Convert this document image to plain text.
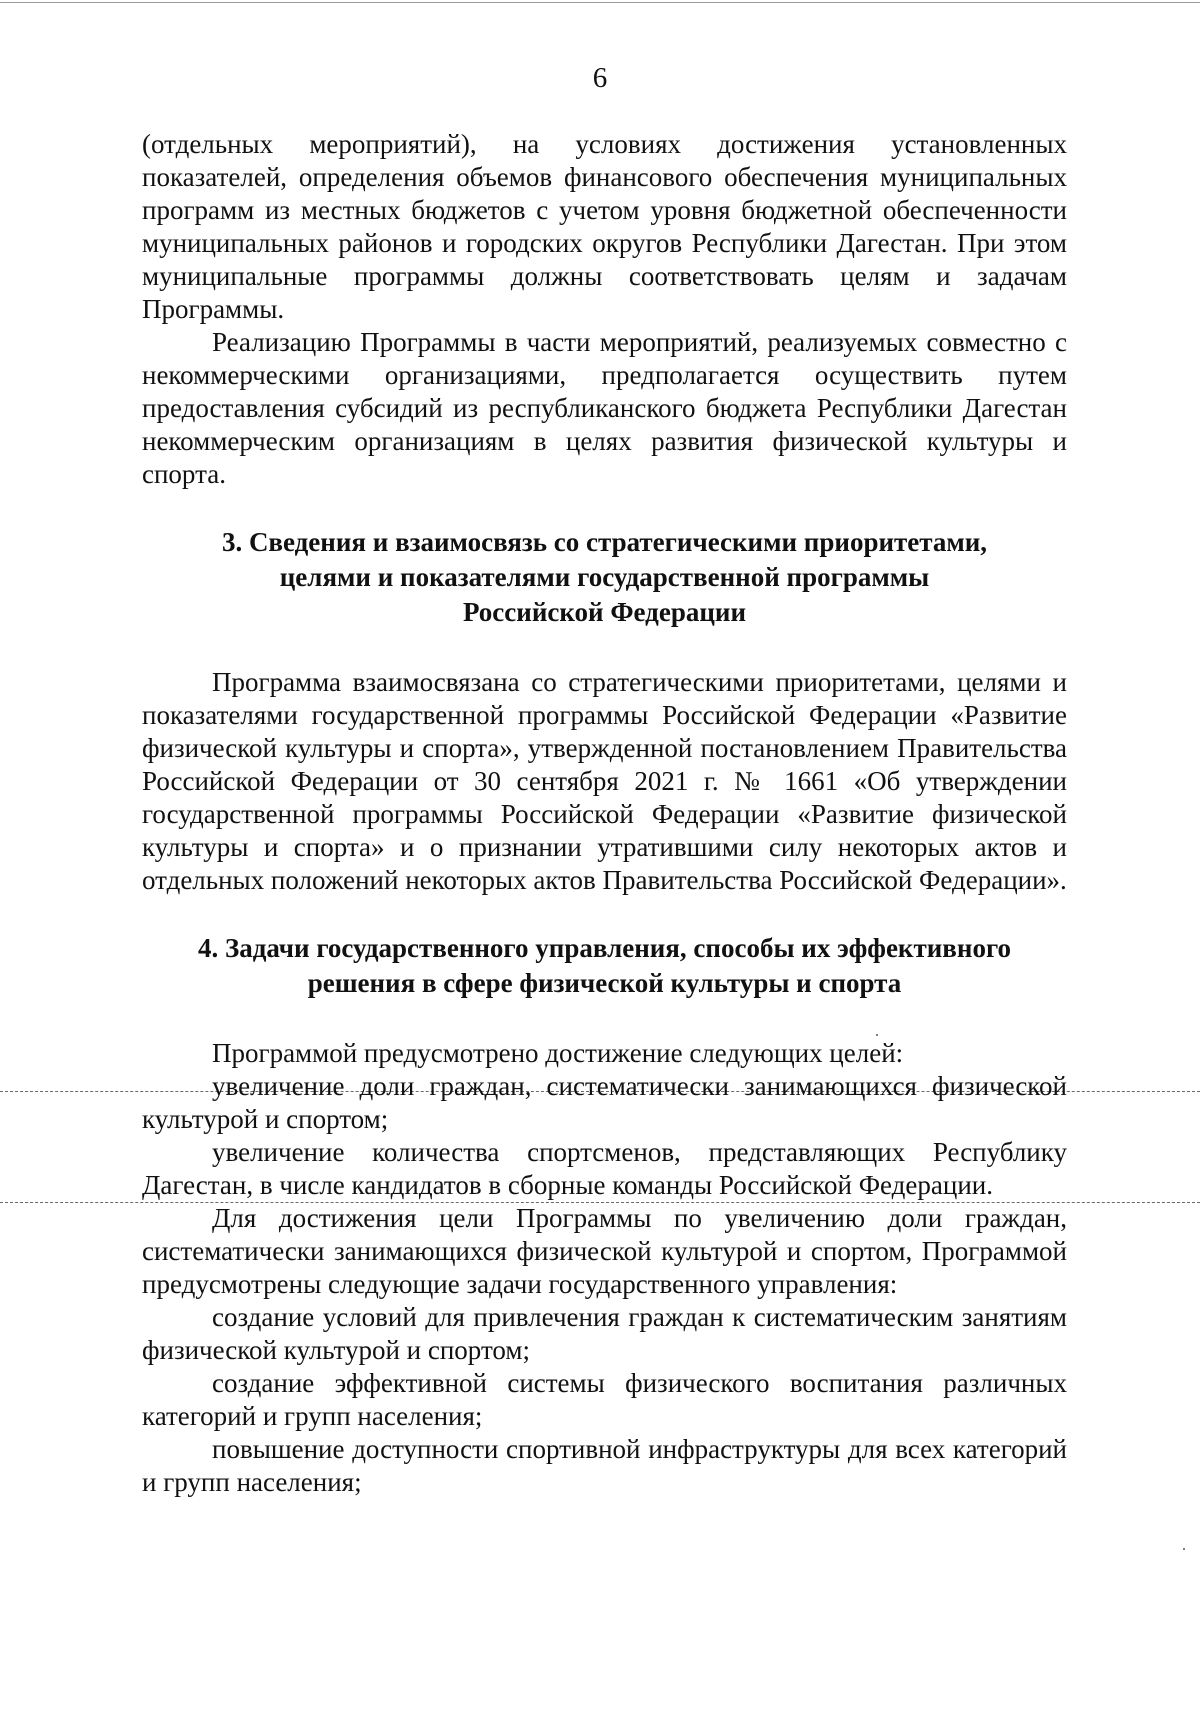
6

(отдельных мероприятий), на условиях достижения установленных показателей, определения объемов финансового обеспечения муниципальных программ из местных бюджетов с учетом уровня бюджетной обеспеченности муниципальных районов и городских округов Республики Дагестан. При этом муниципальные программы должны соответствовать целям и задачам Программы.

Реализацию Программы в части мероприятий, реализуемых совместно с некоммерческими организациями, предполагается осуществить путем предоставления субсидий из республиканского бюджета Республики Дагестан некоммерческим организациям в целях развития физической культуры и спорта.

3. Сведения и взаимосвязь со стратегическими приоритетами,

целями и показателями государственной программы

Российской Федерации

Программа взаимосвязана со стратегическими приоритетами, целями и показателями государственной программы Российской Федерации «Развитие физической культуры и спорта», утвержденной постановлением Правительства Российской Федерации от 30 сентября 2021 г. № 1661 «Об утверждении государственной программы Российской Федерации «Развитие физической культуры и спорта» и о признании утратившими силу некоторых актов и отдельных положений некоторых актов Правительства Российской Федерации».

4. Задачи государственного управления, способы их эффективного

решения в сфере физической культуры и спорта

Программой предусмотрено достижение следующих целей:

увеличение доли граждан, систематически занимающихся физической культурой и спортом;

увеличение количества спортсменов, представляющих Республику Дагестан, в числе кандидатов в сборные команды Российской Федерации.

Для достижения цели Программы по увеличению доли граждан, систематически занимающихся физической культурой и спортом, Программой предусмотрены следующие задачи государственного управления:

создание условий для привлечения граждан к систематическим занятиям физической культурой и спортом;

создание эффективной системы физического воспитания различных категорий и групп населения;

повышение доступности спортивной инфраструктуры для всех категорий и групп населения;
